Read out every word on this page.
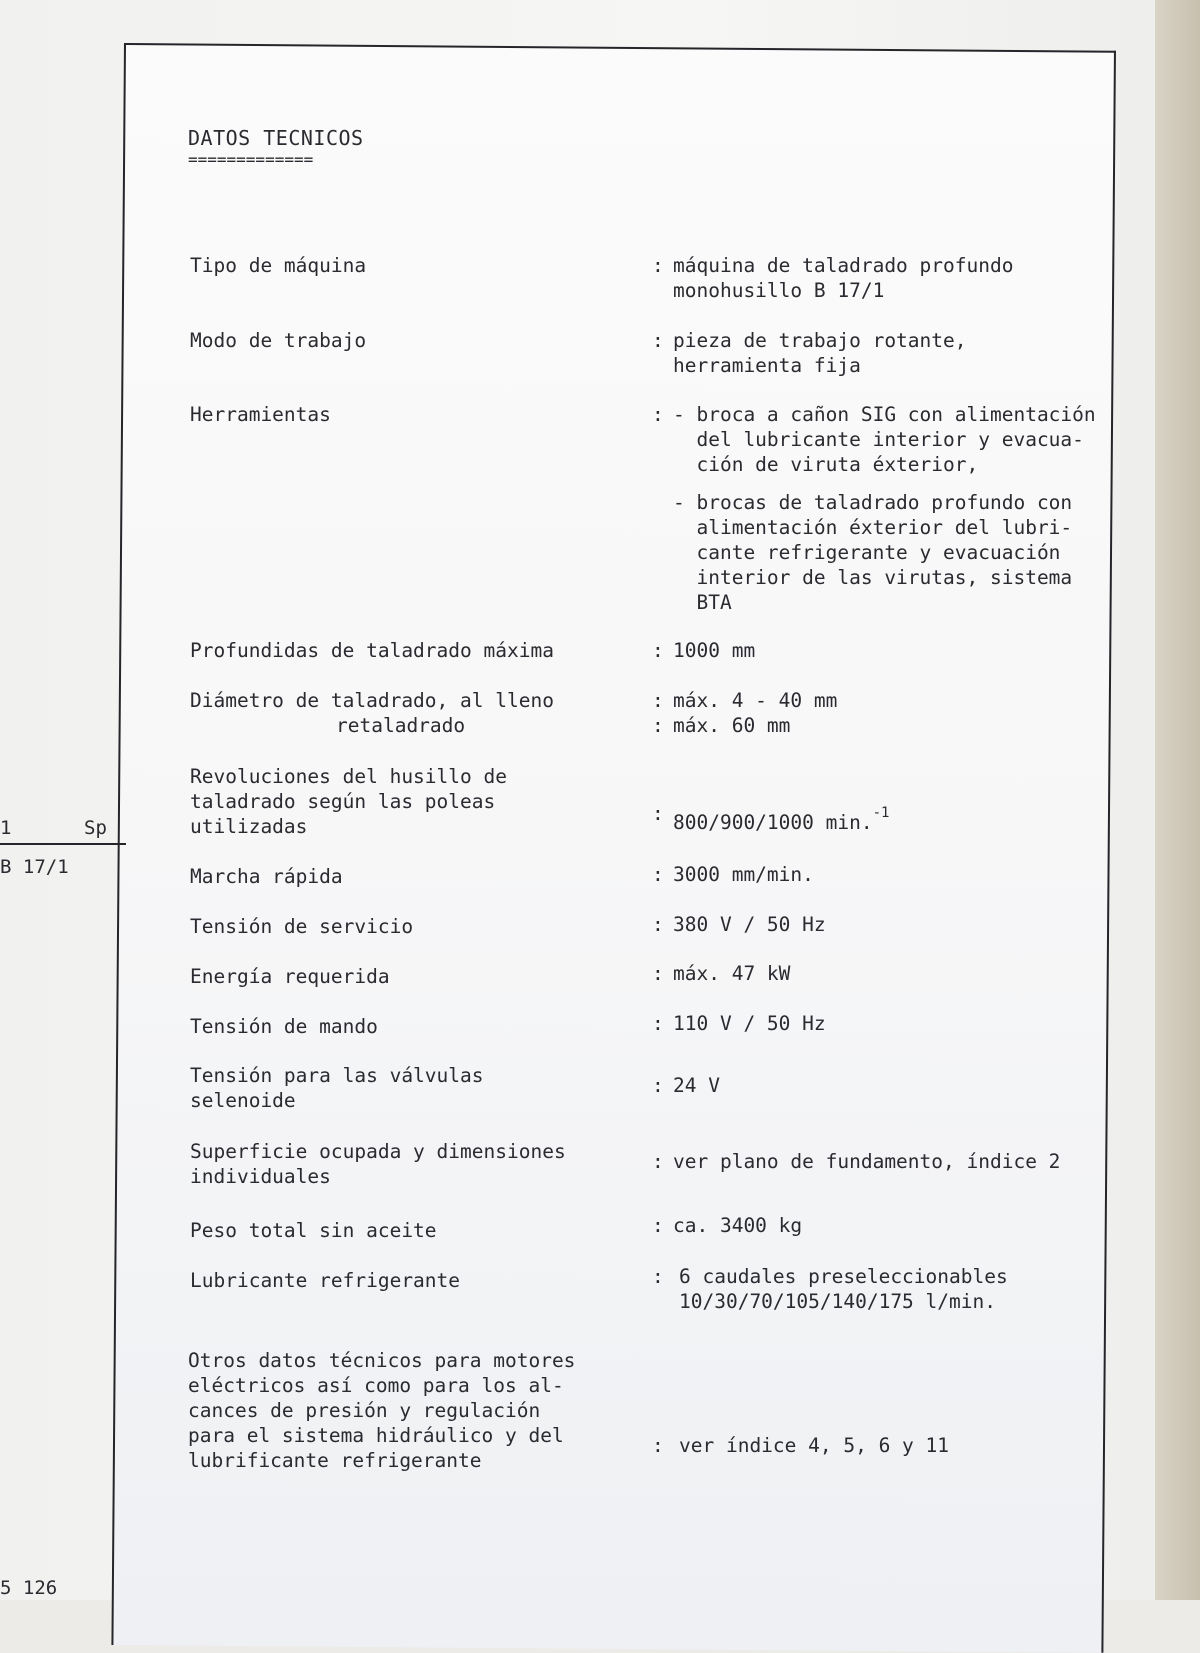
1	Sp
B 17/1
5 126
DATOS TECNICOS
=============
Tipo de máquina	: máquina de taladrado profundo
monohusillo B 17/1
Modo de trabajo	: pieza de trabajo rotante,
herramienta fija
Herramientas	: - broca a cañon SIG con alimentación
del lubricante interior y evacua-
ción de viruta éxterior,
- brocas de taladrado profundo con
alimentación éxterior del lubri-
cante refrigerante y evacuación
interior de las virutas, sistema
BTA
Profundidas de taladrado máxima	: 1000 mm
Diámetro de taladrado, al lleno	: máx. 4 - 40 mm
retaladrado	: máx. 60 mm
Revoluciones del husillo de
taladrado según las poleas
utilizadas
: 800/900/1000 min.$^{-1}$
Marcha rápida	: 3000 mm/min.
Tensión de servicio	: 380 V / 50 Hz
Energía requerida	: máx. 47 kW
Tensión de mando	: 110 V / 50 Hz
Tensión para las válvulas
selenoide
: 24 V
Superficie ocupada y dimensiones
individuales
: ver plano de fundamento, índice 2
Peso total sin aceite	: ca. 3400 kg
Lubricante refrigerante	: 6 caudales preseleccionables
10/30/70/105/140/175 l/min.
Otros datos técnicos para motores
eléctricos así como para los al-
cances de presión y regulación
para el sistema hidráulico y del
lubrificante refrigerante
: ver índice 4, 5, 6 y 11
